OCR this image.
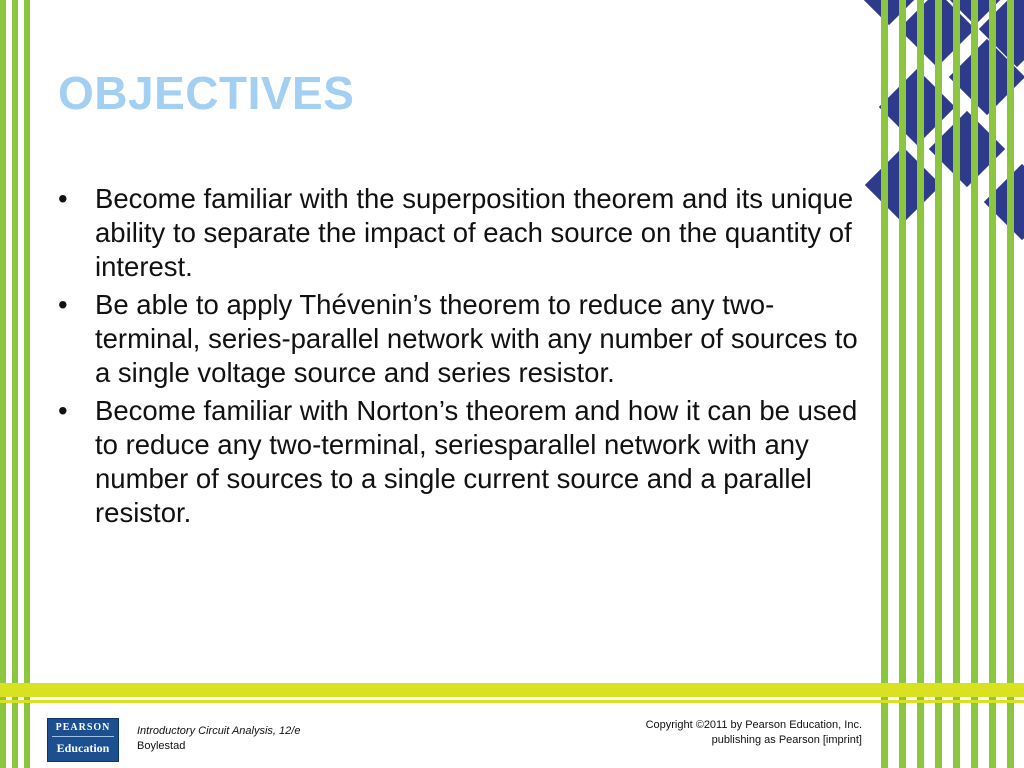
OBJECTIVES
• Become familiar with the superposition theorem and its unique ability to separate the impact of each source on the quantity of interest.
• Be able to apply Thévenin’s theorem to reduce any two-terminal, series-parallel network with any number of sources to a single voltage source and series resistor.
• Become familiar with Norton’s theorem and how it can be used to reduce any two-terminal, seriesparallel network with any number of sources to a single current source and a parallel resistor.
PEARSON
Education
Introductory Circuit Analysis, 12/e
Boylestad
Copyright ©2011 by Pearson Education, Inc.
publishing as Pearson [imprint]
